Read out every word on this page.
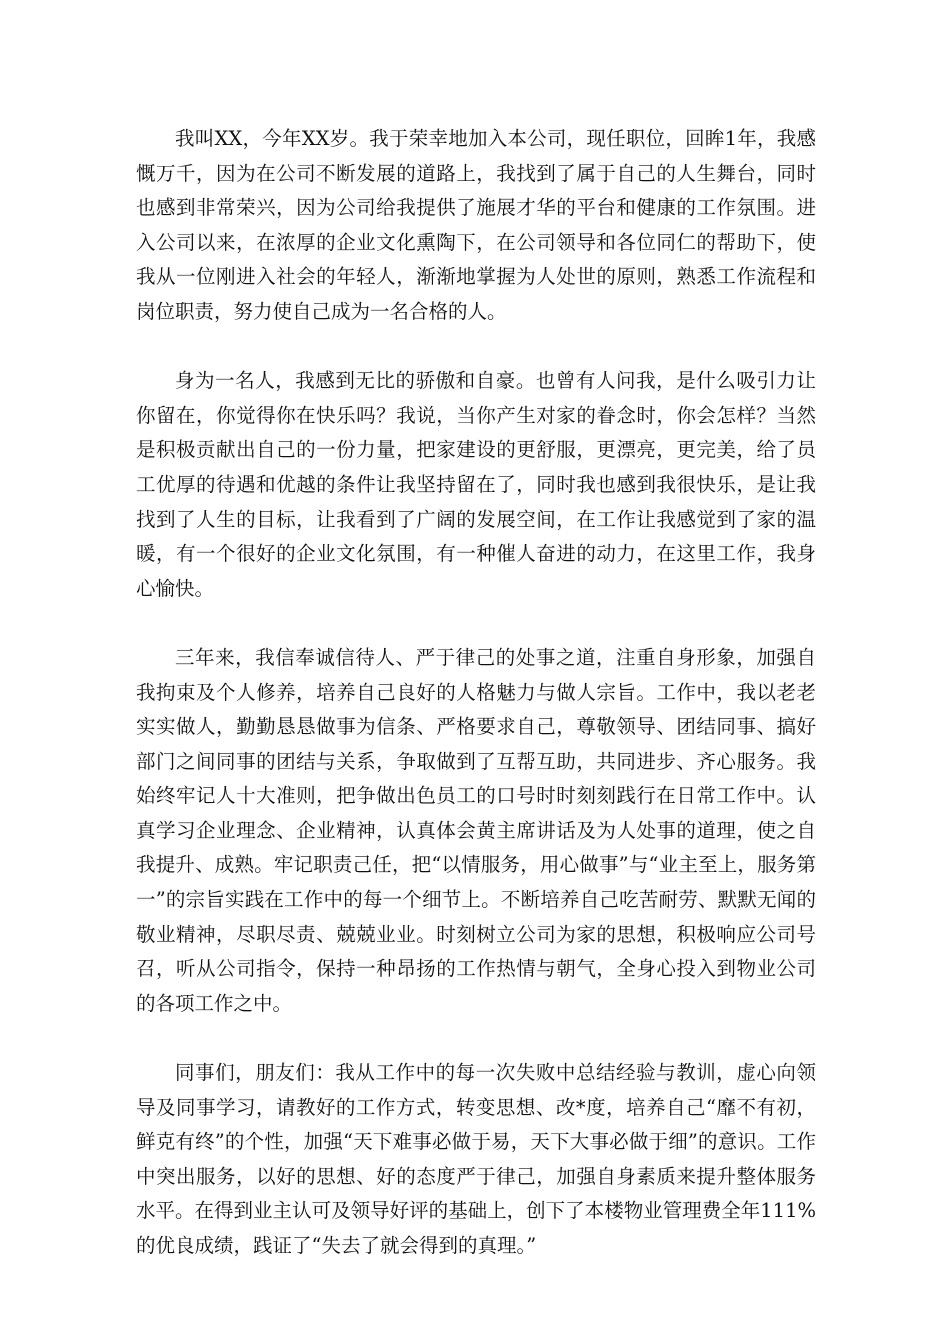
我叫XX，今年XX岁。我于荣幸地加入本公司，现任职位，回眸1年，我感慨万千，因为在公司不断发展的道路上，我找到了属于自己的人生舞台，同时也感到非常荣兴，因为公司给我提供了施展才华的平台和健康的工作氛围。进入公司以来，在浓厚的企业文化熏陶下，在公司领导和各位同仁的帮助下，使我从一位刚进入社会的年轻人，渐渐地掌握为人处世的原则，熟悉工作流程和岗位职责，努力使自己成为一名合格的人。

身为一名人，我感到无比的骄傲和自豪。也曾有人问我，是什么吸引力让你留在，你觉得你在快乐吗？我说，当你产生对家的眷念时，你会怎样？当然是积极贡献出自己的一份力量，把家建设的更舒服，更漂亮，更完美，给了员工优厚的待遇和优越的条件让我坚持留在了，同时我也感到我很快乐，是让我找到了人生的目标，让我看到了广阔的发展空间，在工作让我感觉到了家的温暖，有一个很好的企业文化氛围，有一种催人奋进的动力，在这里工作，我身心愉快。

三年来，我信奉诚信待人、严于律己的处事之道，注重自身形象，加强自我拘束及个人修养，培养自己良好的人格魅力与做人宗旨。工作中，我以老老实实做人，勤勤恳恳做事为信条、严格要求自己，尊敬领导、团结同事、搞好部门之间同事的团结与关系，争取做到了互帮互助，共同进步、齐心服务。我始终牢记人十大准则，把争做出色员工的口号时时刻刻践行在日常工作中。认真学习企业理念、企业精神，认真体会黄主席讲话及为人处事的道理，使之自我提升、成熟。牢记职责己任，把“以情服务，用心做事”与“业主至上，服务第一”的宗旨实践在工作中的每一个细节上。不断培养自己吃苦耐劳、默默无闻的敬业精神，尽职尽责、兢兢业业。时刻树立公司为家的思想，积极响应公司号召，听从公司指令，保持一种昂扬的工作热情与朝气，全身心投入到物业公司的各项工作之中。

同事们，朋友们：我从工作中的每一次失败中总结经验与教训，虚心向领导及同事学习，请教好的工作方式，转变思想、改*度，培养自己“靡不有初，鲜克有终”的个性，加强“天下难事必做于易，天下大事必做于细”的意识。工作中突出服务，以好的思想、好的态度严于律己，加强自身素质来提升整体服务水平。在得到业主认可及领导好评的基础上，创下了本楼物业管理费全年111%的优良成绩，践证了“失去了就会得到的真理。”
